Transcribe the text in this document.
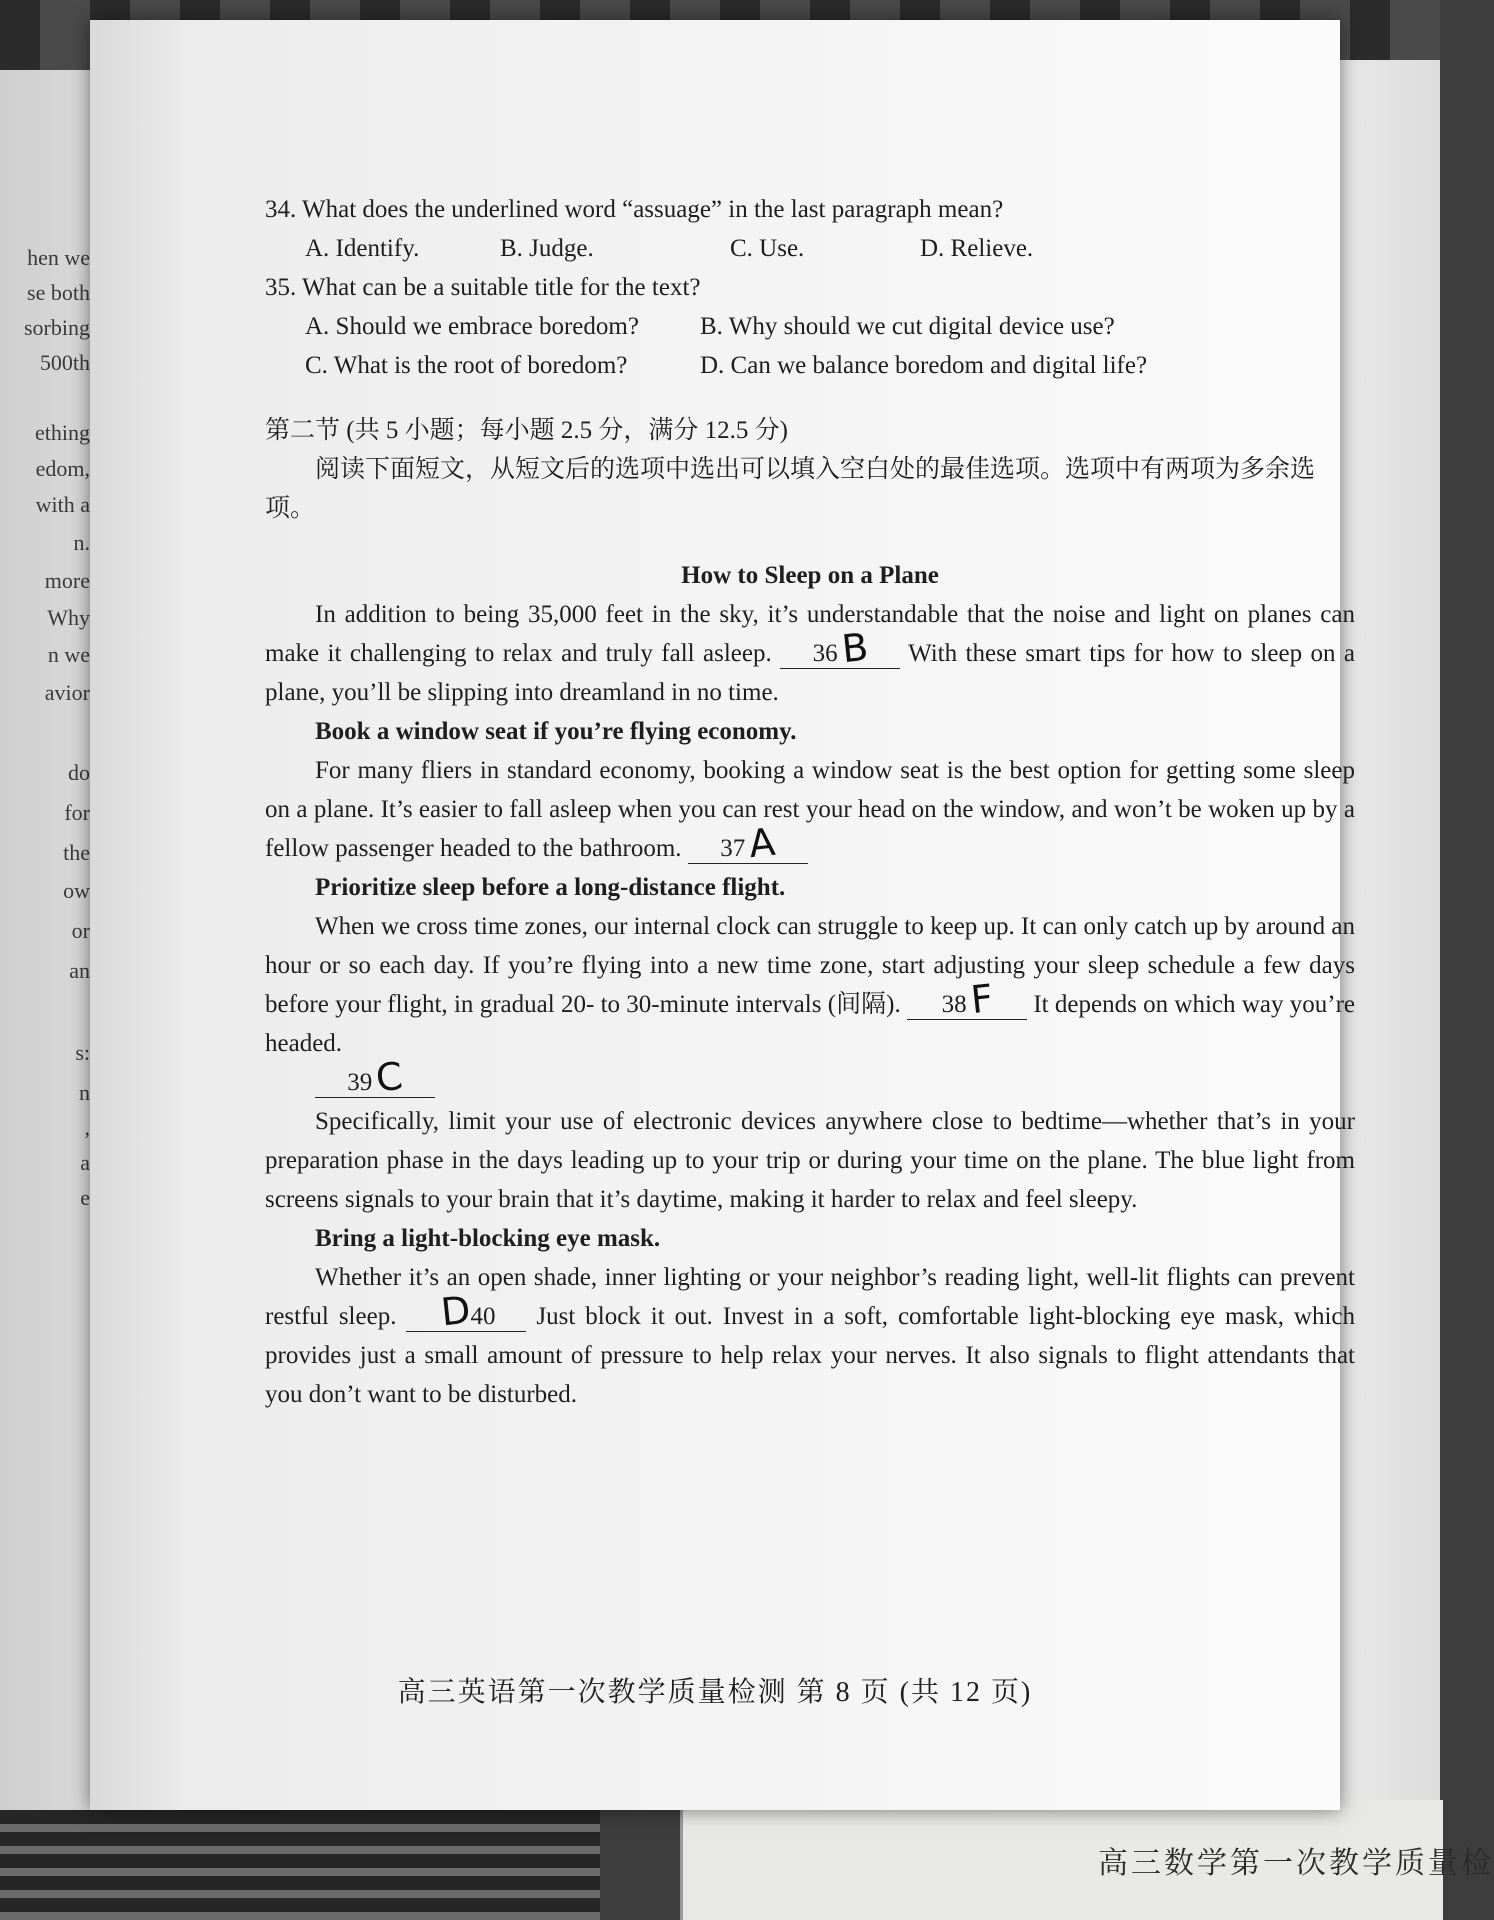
hen we
se both
sorbing
500th
ething
edom,
with a
n.
more
Why
n we
avior
do
for
the
ow
or
an
s:
n
,
a
e
高三数学第一次教学质量检

34. What does the underlined word “assuage” in the last paragraph mean?

A. Identify.	B. Judge.	C. Use.	D. Relieve.

35. What can be a suitable title for the text?

A. Should we embrace boredom?	B. Why should we cut digital device use?
C. What is the root of boredom?	D. Can we balance boredom and digital life?
第二节 (共 5 小题；每小题 2.5 分，满分 12.5 分)
阅读下面短文，从短文后的选项中选出可以填入空白处的最佳选项。选项中有两项为多余选项。
How to Sleep on a Plane

In addition to being 35,000 feet in the sky, it’s understandable that the noise and light on planes can make it challenging to relax and truly fall asleep. 36B With these smart tips for how to sleep on a plane, you’ll be slipping into dreamland in no time.

Book a window seat if you’re flying economy.

For many fliers in standard economy, booking a window seat is the best option for getting some sleep on a plane. It’s easier to fall asleep when you can rest your head on the window, and won’t be woken up by a fellow passenger headed to the bathroom. 37A

Prioritize sleep before a long-distance flight.

When we cross time zones, our internal clock can struggle to keep up. It can only catch up by around an hour or so each day. If you’re flying into a new time zone, start adjusting your sleep schedule a few days before your flight, in gradual 20- to 30-minute intervals (间隔). 38F It depends on which way you’re headed.

39C

Specifically, limit your use of electronic devices anywhere close to bedtime—whether that’s in your preparation phase in the days leading up to your trip or during your time on the plane. The blue light from screens signals to your brain that it’s daytime, making it harder to relax and feel sleepy.

Bring a light-blocking eye mask.

Whether it’s an open shade, inner lighting or your neighbor’s reading light, well-lit flights can prevent restful sleep. D40 Just block it out. Invest in a soft, comfortable light-blocking eye mask, which provides just a small amount of pressure to help relax your nerves. It also signals to flight attendants that you don’t want to be disturbed.

高三英语第一次教学质量检测 第 8 页 (共 12 页)
